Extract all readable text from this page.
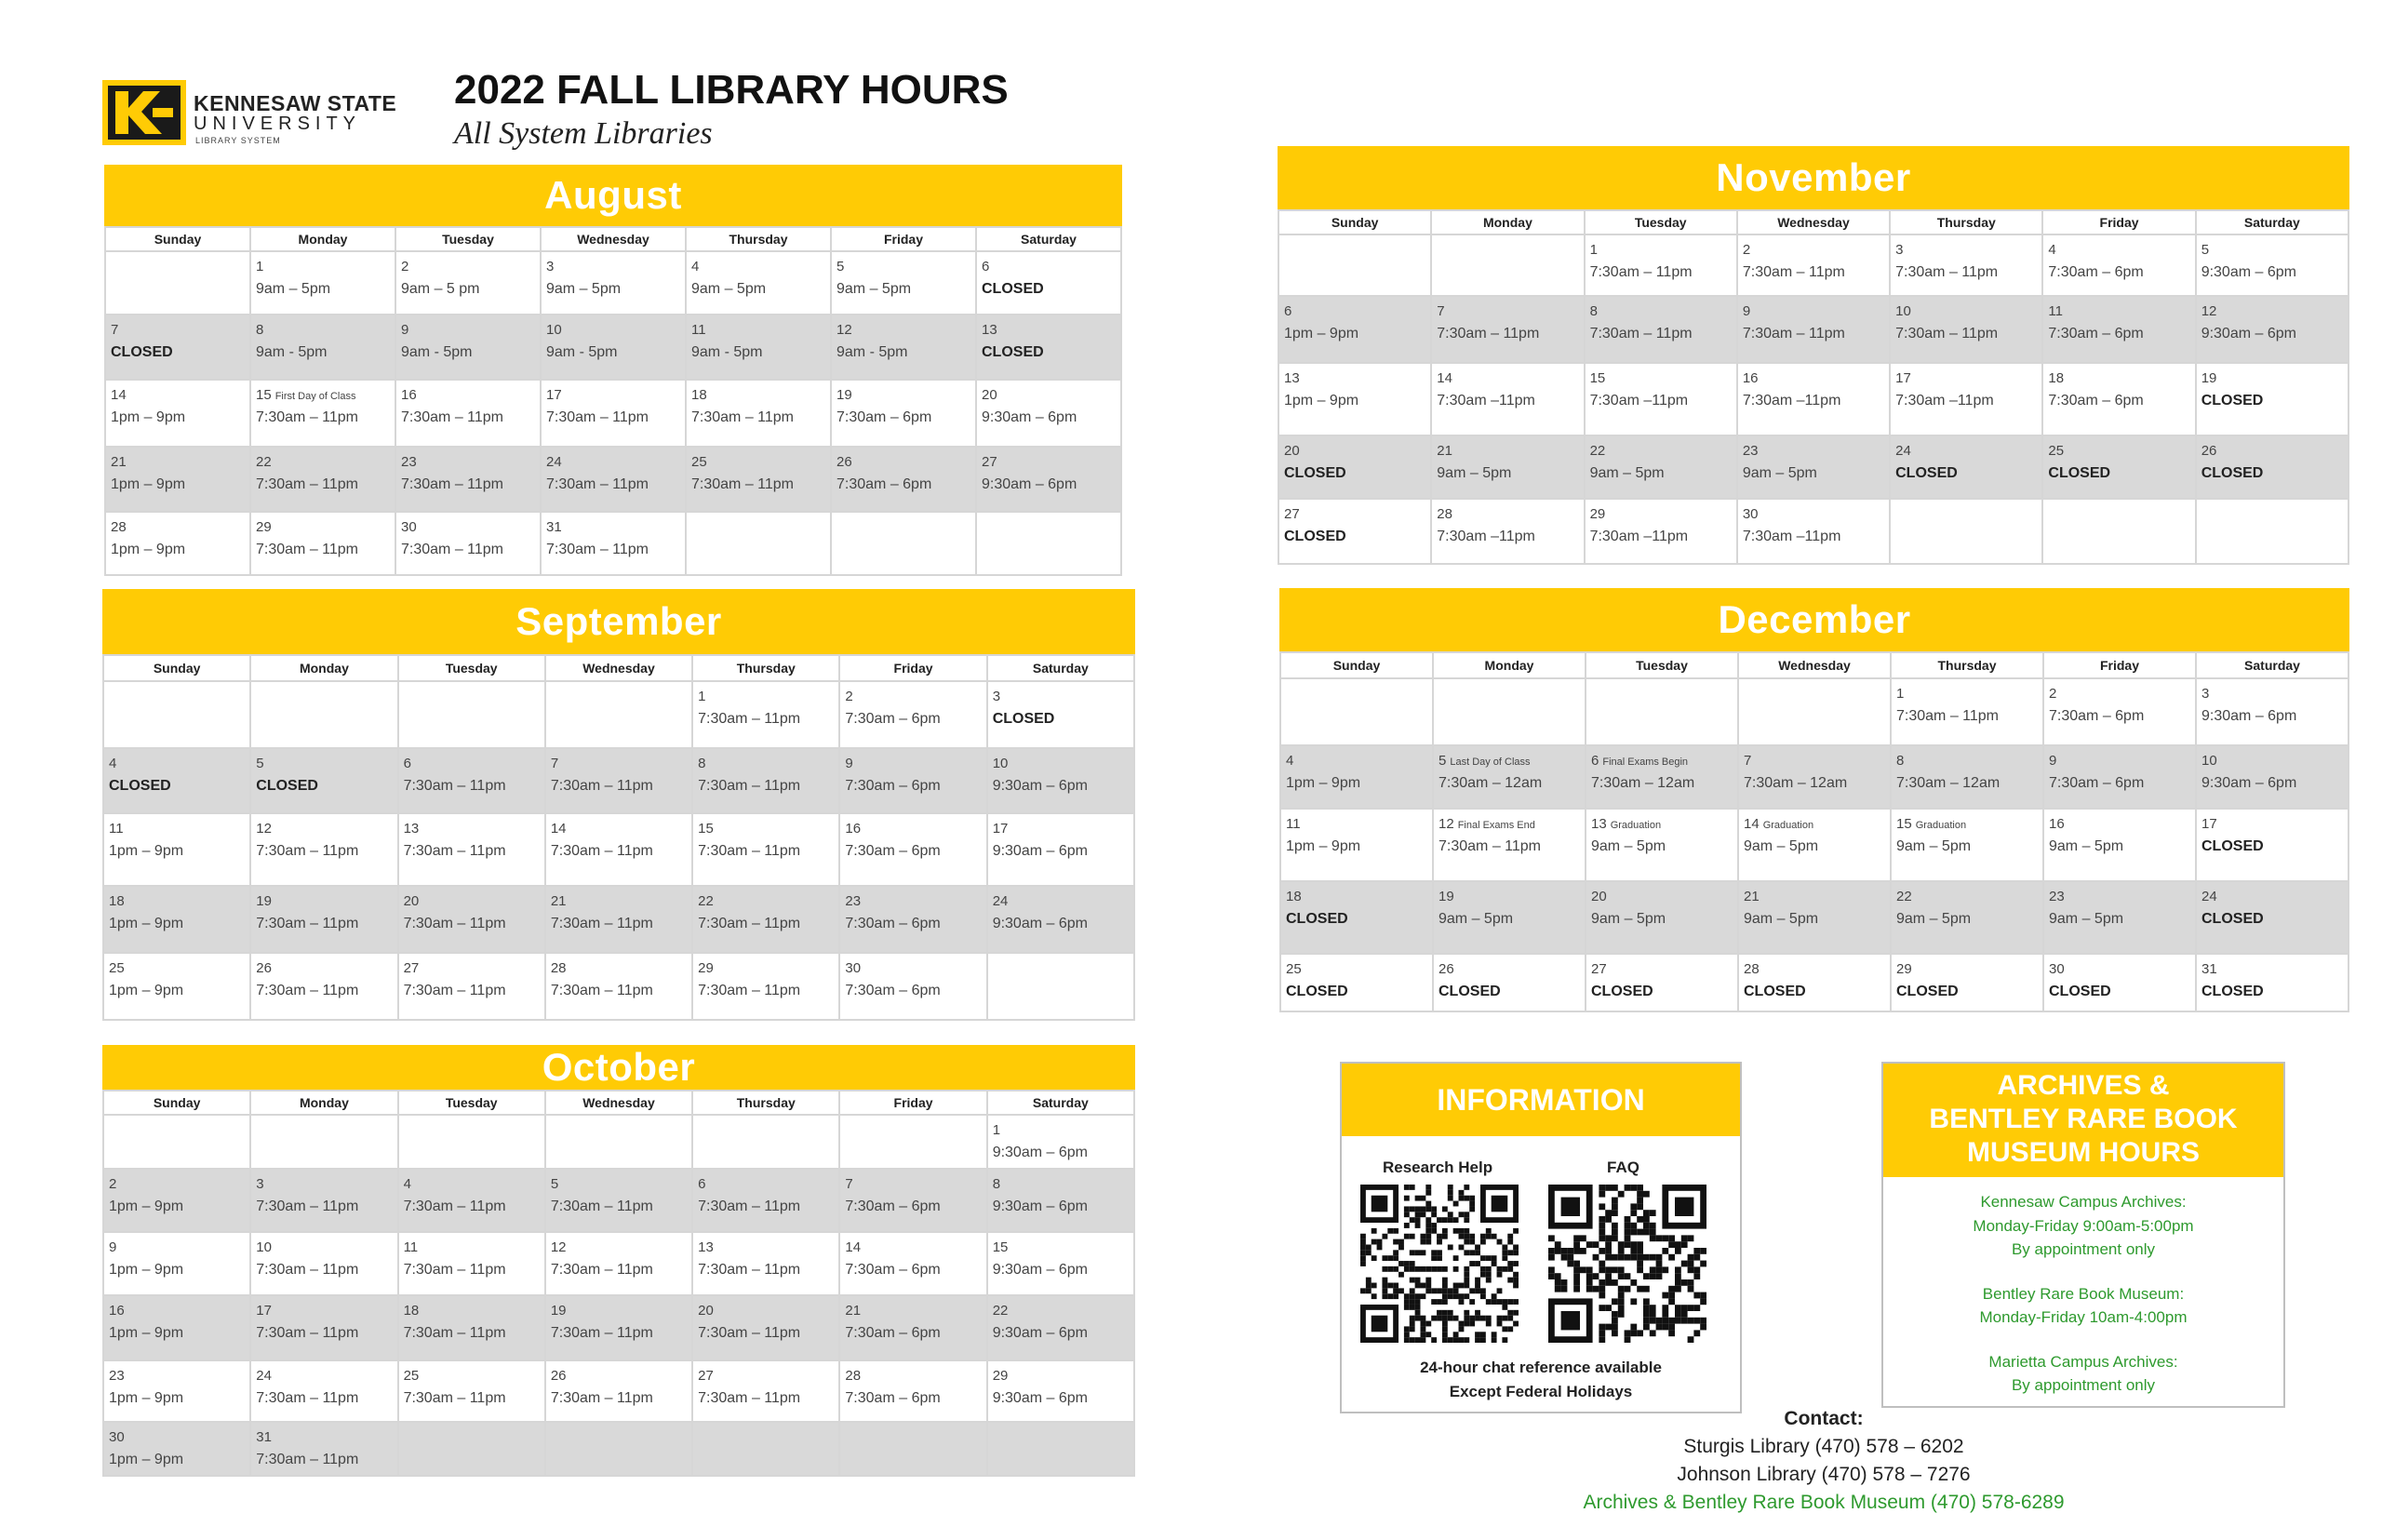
KENNESAW STATE
UNIVERSITY
LIBRARY SYSTEM
2022 FALL LIBRARY HOURS
All System Libraries
August
Sunday	Monday	Tuesday	Wednesday	Thursday	Friday	Saturday
	1
9am – 5pm	2
9am – 5 pm	3
9am – 5pm	4
9am – 5pm	5
9am – 5pm	6
CLOSED

7
CLOSED	8
9am - 5pm	9
9am - 5pm	10
9am - 5pm	11
9am - 5pm	12
9am - 5pm	13
CLOSED

14
1pm – 9pm	15 First Day of Class
7:30am – 11pm	16
7:30am – 11pm	17
7:30am – 11pm	18
7:30am – 11pm	19
7:30am – 6pm	20
9:30am – 6pm

21
1pm – 9pm	22
7:30am – 11pm	23
7:30am – 11pm	24
7:30am – 11pm	25
7:30am – 11pm	26
7:30am – 6pm	27
9:30am – 6pm

28
1pm – 9pm	29
7:30am – 11pm	30
7:30am – 11pm	31
7:30am – 11pm			

September
Sunday	Monday	Tuesday	Wednesday	Thursday	Friday	Saturday
				1
7:30am – 11pm	2
7:30am – 6pm	3
CLOSED

4
CLOSED	5
CLOSED	6
7:30am – 11pm	7
7:30am – 11pm	8
7:30am – 11pm	9
7:30am – 6pm	10
9:30am – 6pm

11
1pm – 9pm	12
7:30am – 11pm	13
7:30am – 11pm	14
7:30am – 11pm	15
7:30am – 11pm	16
7:30am – 6pm	17
9:30am – 6pm

18
1pm – 9pm	19
7:30am – 11pm	20
7:30am – 11pm	21
7:30am – 11pm	22
7:30am – 11pm	23
7:30am – 6pm	24
9:30am – 6pm

25
1pm – 9pm	26
7:30am – 11pm	27
7:30am – 11pm	28
7:30am – 11pm	29
7:30am – 11pm	30
7:30am – 6pm	

October
Sunday	Monday	Tuesday	Wednesday	Thursday	Friday	Saturday
						1
9:30am – 6pm

2
1pm – 9pm	3
7:30am – 11pm	4
7:30am – 11pm	5
7:30am – 11pm	6
7:30am – 11pm	7
7:30am – 6pm	8
9:30am – 6pm

9
1pm – 9pm	10
7:30am – 11pm	11
7:30am – 11pm	12
7:30am – 11pm	13
7:30am – 11pm	14
7:30am – 6pm	15
9:30am – 6pm

16
1pm – 9pm	17
7:30am – 11pm	18
7:30am – 11pm	19
7:30am – 11pm	20
7:30am – 11pm	21
7:30am – 6pm	22
9:30am – 6pm

23
1pm – 9pm	24
7:30am – 11pm	25
7:30am – 11pm	26
7:30am – 11pm	27
7:30am – 11pm	28
7:30am – 6pm	29
9:30am – 6pm

30
1pm – 9pm	31
7:30am – 11pm					

November
Sunday	Monday	Tuesday	Wednesday	Thursday	Friday	Saturday
		1
7:30am – 11pm	2
7:30am – 11pm	3
7:30am – 11pm	4
7:30am – 6pm	5
9:30am – 6pm

6
1pm – 9pm	7
7:30am – 11pm	8
7:30am – 11pm	9
7:30am – 11pm	10
7:30am – 11pm	11
7:30am – 6pm	12
9:30am – 6pm

13
1pm – 9pm	14
7:30am –11pm	15
7:30am –11pm	16
7:30am –11pm	17
7:30am –11pm	18
7:30am – 6pm	19
CLOSED

20
CLOSED	21
9am – 5pm	22
9am – 5pm	23
9am – 5pm	24
CLOSED	25
CLOSED	26
CLOSED

27
CLOSED	28
7:30am –11pm	29
7:30am –11pm	30
7:30am –11pm			

December
Sunday	Monday	Tuesday	Wednesday	Thursday	Friday	Saturday
				1
7:30am – 11pm	2
7:30am – 6pm	3
9:30am – 6pm

4
1pm – 9pm	5 Last Day of Class
7:30am – 12am	6 Final Exams Begin
7:30am – 12am	7
7:30am – 12am	8
7:30am – 12am	9
7:30am – 6pm	10
9:30am – 6pm

11
1pm – 9pm	12 Final Exams End
7:30am – 11pm	13 Graduation
9am – 5pm	14 Graduation
9am – 5pm	15 Graduation
9am – 5pm	16
9am – 5pm	17
CLOSED

18
CLOSED	19
9am – 5pm	20
9am – 5pm	21
9am – 5pm	22
9am – 5pm	23
9am – 5pm	24
CLOSED

25
CLOSED	26
CLOSED	27
CLOSED	28
CLOSED	29
CLOSED	30
CLOSED	31
CLOSED
INFORMATION
Research Help	FAQ
24-hour chat reference available
Except Federal Holidays
ARCHIVES &
BENTLEY RARE BOOK
MUSEUM HOURS
Kennesaw Campus Archives:
Monday-Friday 9:00am-5:00pm
By appointment only
Bentley Rare Book Museum:
Monday-Friday 10am-4:00pm
Marietta Campus Archives:
By appointment only
Contact:
Sturgis Library (470) 578 – 6202
Johnson Library (470) 578 – 7276
Archives & Bentley Rare Book Museum (470) 578-6289
